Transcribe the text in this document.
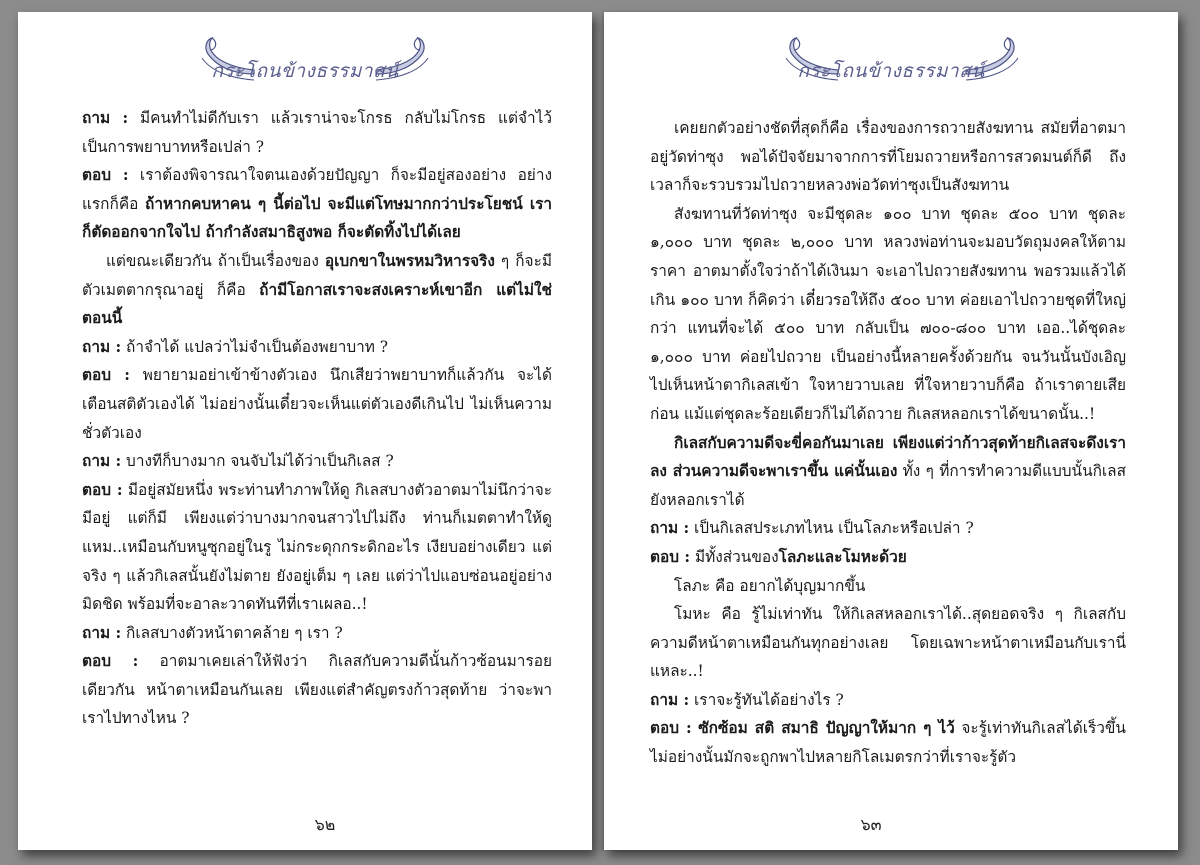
กระโถนข้างธรรมาสน์

ถาม : มีคนทำไม่ดีกับเรา แล้วเราน่าจะโกรธ กลับไม่โกรธ แต่จำไว้ เป็นการพยาบาทหรือเปล่า ?

ตอบ : เราต้องพิจารณาใจตนเองด้วยปัญญา ก็จะมีอยู่สองอย่าง อย่างแรกก็คือ ถ้าหากคบหาคน ๆ นี้ต่อไป จะมีแต่โทษมากกว่าประโยชน์ เราก็ตัดออกจากใจไป ถ้ากำลังสมาธิสูงพอ ก็จะตัดทิ้งไปได้เลย

แต่ขณะเดียวกัน ถ้าเป็นเรื่องของ อุเบกขาในพรหมวิหารจริง ๆ ก็จะมีตัวเมตตากรุณาอยู่ ก็คือ ถ้ามีโอกาสเราจะสงเคราะห์เขาอีก แต่ไม่ใช่ตอนนี้

ถาม : ถ้าจำได้ แปลว่าไม่จำเป็นต้องพยาบาท ?

ตอบ : พยายามอย่าเข้าข้างตัวเอง นึกเสียว่าพยาบาทก็แล้วกัน จะได้เตือนสติตัวเองได้ ไม่อย่างนั้นเดี๋ยวจะเห็นแต่ตัวเองดีเกินไป ไม่เห็นความชั่วตัวเอง

ถาม : บางทีก็บางมาก จนจับไม่ได้ว่าเป็นกิเลส ?

ตอบ : มีอยู่สมัยหนึ่ง พระท่านทำภาพให้ดู กิเลสบางตัวอาตมาไม่นึกว่าจะมีอยู่ แต่ก็มี เพียงแต่ว่าบางมากจนสาวไปไม่ถึง ท่านก็เมตตาทำให้ดู แหม..เหมือนกับหนูซุกอยู่ในรู ไม่กระดุกกระดิกอะไร เงียบอย่างเดียว แต่จริง ๆ แล้วกิเลสนั้นยังไม่ตาย ยังอยู่เต็ม ๆ เลย แต่ว่าไปแอบซ่อนอยู่อย่างมิดชิด พร้อมที่จะอาละวาดทันทีที่เราเผลอ..!

ถาม : กิเลสบางตัวหน้าตาคล้าย ๆ เรา ?

ตอบ : อาตมาเคยเล่าให้ฟังว่า กิเลสกับความดีนั้นก้าวซ้อนมารอยเดียวกัน หน้าตาเหมือนกันเลย เพียงแต่สำคัญตรงก้าวสุดท้าย ว่าจะพาเราไปทางไหน ?

๖๒
กระโถนข้างธรรมาสน์

เคยยกตัวอย่างชัดที่สุดก็คือ เรื่องของการถวายสังฆทาน สมัยที่อาตมาอยู่วัดท่าซุง พอได้ปัจจัยมาจากการที่โยมถวายหรือการสวดมนต์ก็ดี ถึงเวลาก็จะรวบรวมไปถวายหลวงพ่อวัดท่าซุงเป็นสังฆทาน

สังฆทานที่วัดท่าซุง จะมีชุดละ ๑๐๐ บาท ชุดละ ๕๐๐ บาท ชุดละ ๑,๐๐๐ บาท ชุดละ ๒,๐๐๐ บาท หลวงพ่อท่านจะมอบวัตถุมงคลให้ตามราคา อาตมาตั้งใจว่าถ้าได้เงินมา จะเอาไปถวายสังฆทาน พอรวมแล้วได้เกิน ๑๐๐ บาท ก็คิดว่า เดี๋ยวรอให้ถึง ๕๐๐ บาท ค่อยเอาไปถวายชุดที่ใหญ่กว่า แทนที่จะได้ ๕๐๐ บาท กลับเป็น ๗๐๐-๘๐๐ บาท เออ..ได้ชุดละ ๑,๐๐๐ บาท ค่อยไปถวาย เป็นอย่างนี้หลายครั้งด้วยกัน จนวันนั้นบังเอิญไปเห็นหน้าตากิเลสเข้า ใจหายวาบเลย ที่ใจหายวาบก็คือ ถ้าเราตายเสียก่อน แม้แต่ชุดละร้อยเดียวก็ไม่ได้ถวาย กิเลสหลอกเราได้ขนาดนั้น..!

กิเลสกับความดีจะขี่คอกันมาเลย เพียงแต่ว่าก้าวสุดท้ายกิเลสจะดึงเราลง ส่วนความดีจะพาเราขึ้น แค่นั้นเอง ทั้ง ๆ ที่การทำความดีแบบนั้นกิเลสยังหลอกเราได้

ถาม : เป็นกิเลสประเภทไหน เป็นโลภะหรือเปล่า ?

ตอบ : มีทั้งส่วนของโลภะและโมหะด้วย

โลภะ คือ อยากได้บุญมากขึ้น

โมหะ คือ รู้ไม่เท่าทัน ให้กิเลสหลอกเราได้..สุดยอดจริง ๆ กิเลสกับความดีหน้าตาเหมือนกันทุกอย่างเลย โดยเฉพาะหน้าตาเหมือนกับเรานี่แหละ..!

ถาม : เราจะรู้ทันได้อย่างไร ?

ตอบ : ซักซ้อม สติ สมาธิ ปัญญาให้มาก ๆ ไว้ จะรู้เท่าทันกิเลสได้เร็วขึ้น ไม่อย่างนั้นมักจะถูกพาไปหลายกิโลเมตรกว่าที่เราจะรู้ตัว

๖๓
